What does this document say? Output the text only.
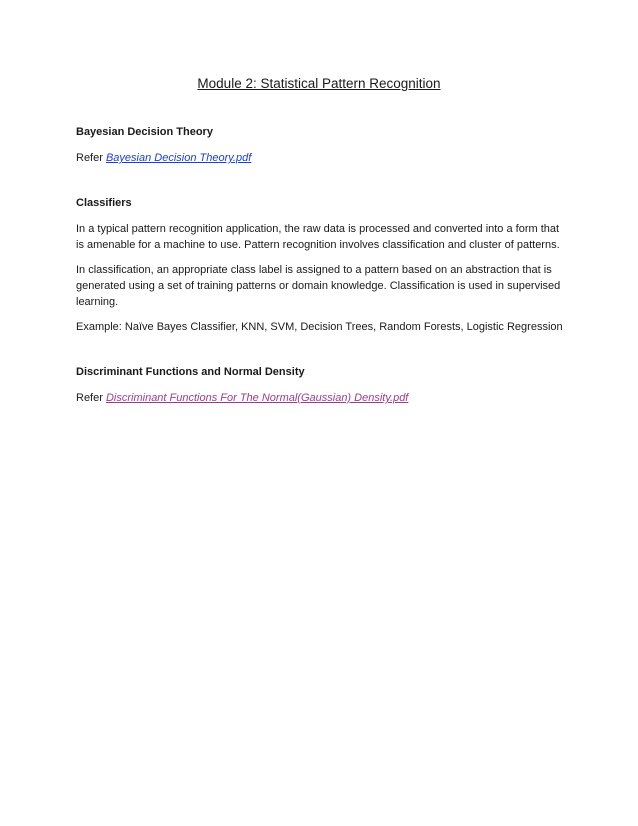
Module 2: Statistical Pattern Recognition
Bayesian Decision Theory

Refer Bayesian Decision Theory.pdf

Classifiers

In a typical pattern recognition application, the raw data is processed and converted into a form that is amenable for a machine to use. Pattern recognition involves classification and cluster of patterns.

In classification, an appropriate class label is assigned to a pattern based on an abstraction that is generated using a set of training patterns or domain knowledge. Classification is used in supervised learning.

Example: Naïve Bayes Classifier, KNN, SVM, Decision Trees, Random Forests, Logistic Regression

Discriminant Functions and Normal Density

Refer Discriminant Functions For The Normal(Gaussian) Density.pdf
